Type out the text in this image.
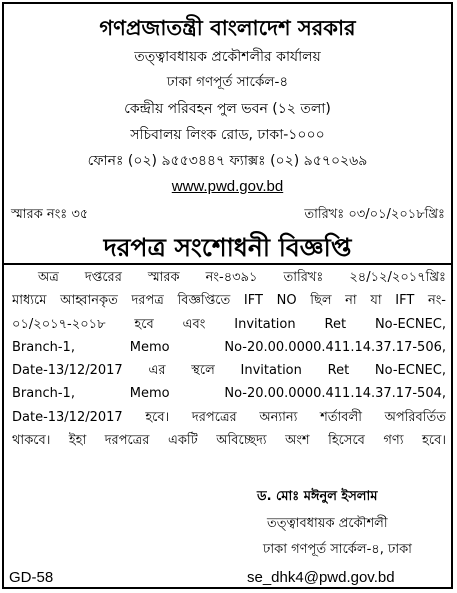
গণপ্রজাতন্ত্রী বাংলাদেশ সরকার
তত্ত্বাবধায়ক প্রকৌশলীর কার্যালয়
ঢাকা গণপূর্ত সার্কেল-৪
কেন্দ্রীয় পরিবহন পুল ভবন (১২ তলা)
সচিবালয় লিংক রোড, ঢাকা-১০০০
ফোনঃ (০২) ৯৫৫৩৪৪৭ ফ্যাক্সঃ (০২) ৯৫৭০২৬৯
www.pwd.gov.bd
স্মারক নংঃ ৩৫	তারিখঃ ০৩/০১/২০১৮খ্রিঃ
দরপত্র সংশোধনী বিজ্ঞপ্তি
অত্র দপ্তরের স্মারক নং-৪৩৯১ তারিখঃ ২৪/১২/২০১৭খ্রিঃ
মাধ্যমে আহ্বানকৃত দরপত্র বিজ্ঞপ্তিতে IFT NO ছিল না যা IFT নং-
০১/২০১৭-২০১৮ হবে এবং Invitation Ret No-ECNEC,
Branch-1, Memo No-20.00.0000.411.14.37.17-506,
Date-13/12/2017 এর স্থলে Invitation Ret No-ECNEC,
Branch-1, Memo No-20.00.0000.411.14.37.17-504,
Date-13/12/2017 হবে। দরপত্রের অন্যান্য শর্তাবলী অপরিবর্তিত
থাকবে। ইহা দরপত্রের একটি অবিচ্ছেদ্য অংশ হিসেবে গণ্য হবে।
ড. মোঃ মঈনুল ইসলাম
তত্ত্বাবধায়ক প্রকৌশলী
ঢাকা গণপূর্ত সার্কেল-৪, ঢাকা
GD-58	se_dhk4@pwd.gov.bd
